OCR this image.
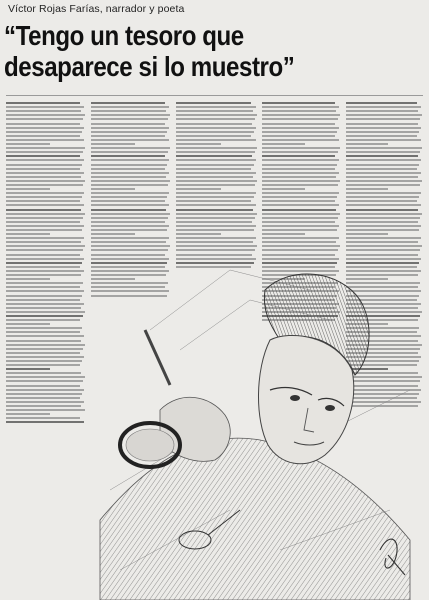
Víctor Rojas Farías, narrador y poeta
“Tengo un tesoro que
desaparece si lo muestro”
